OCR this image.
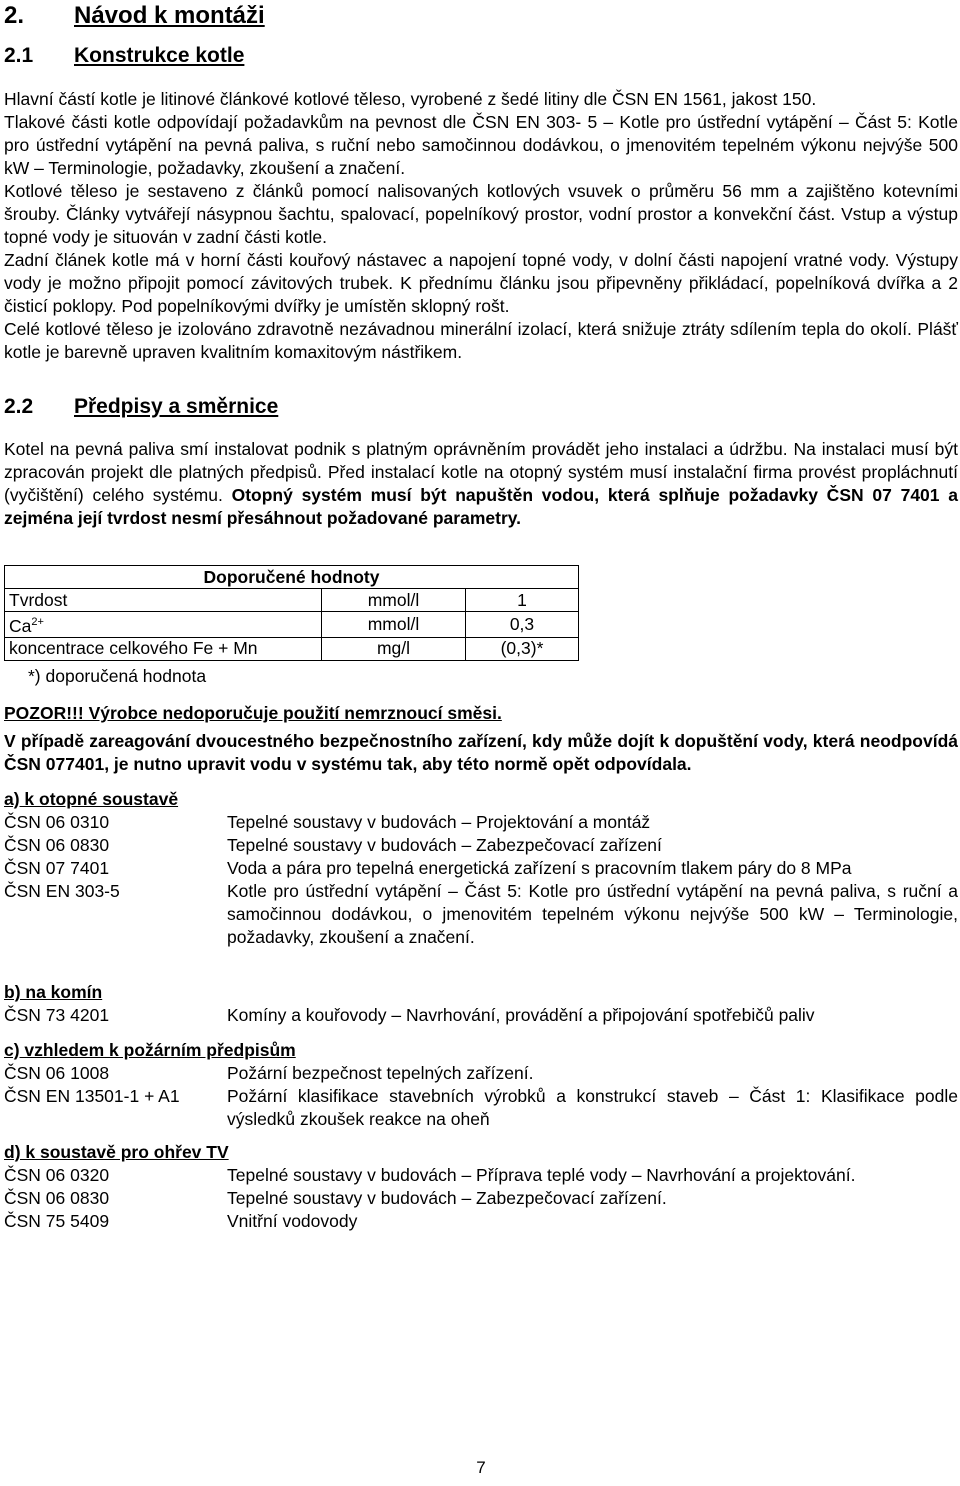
2. Návod k montáži
2.1 Konstrukce kotle

Hlavní částí kotle je litinové článkové kotlové těleso, vyrobené z šedé litiny dle ČSN EN 1561, jakost 150.

Tlakové části kotle odpovídají požadavkům na pevnost dle ČSN EN 303- 5 – Kotle pro ústřední vytápění – Část 5: Kotle pro ústřední vytápění na pevná paliva, s ruční nebo samočinnou dodávkou, o jmenovitém tepelném výkonu nejvýše 500 kW – Terminologie, požadavky, zkoušení a značení.

Kotlové těleso je sestaveno z článků pomocí nalisovaných kotlových vsuvek o průměru 56 mm a zajištěno kotevními šrouby. Články vytvářejí násypnou šachtu, spalovací, popelníkový prostor, vodní prostor a konvekční část. Vstup a výstup topné vody je situován v zadní části kotle.

Zadní článek kotle má v horní části kouřový nástavec a napojení topné vody, v dolní části napojení vratné vody. Výstupy vody je možno připojit pomocí závitových trubek. K přednímu článku jsou připevněny přikládací, popelníková dvířka a 2 čisticí poklopy. Pod popelníkovými dvířky je umístěn sklopný rošt.

Celé kotlové těleso je izolováno zdravotně nezávadnou minerální izolací, která snižuje ztráty sdílením tepla do okolí. Plášť kotle je barevně upraven kvalitním komaxitovým nástřikem.

2.2 Předpisy a směrnice

Kotel na pevná paliva smí instalovat podnik s platným oprávněním provádět jeho instalaci a údržbu. Na instalaci musí být zpracován projekt dle platných předpisů. Před instalací kotle na otopný systém musí instalační firma provést propláchnutí (vyčištění) celého systému. Otopný systém musí být napuštěn vodou, která splňuje požadavky ČSN 07 7401 a zejména její tvrdost nesmí přesáhnout požadované parametry.

Doporučené hodnoty		
Tvrdost	mmol/l	1
$Ca^{2+}$	mmol/l	0,3
koncentrace celkového Fe + Mn	mg/l	(0,3)*
*) doporučená hodnota
POZOR!!! Výrobce nedoporučuje použití nemrznoucí směsi.

V případě zareagování dvoucestného bezpečnostního zařízení, kdy může dojít k dopuštění vody, která neodpovídá ČSN 077401, je nutno upravit vodu v systému tak, aby této normě opět odpovídala.

a) k otopné soustavě
ČSN 06 0310	Tepelné soustavy v budovách – Projektování a montáž
ČSN 06 0830	Tepelné soustavy v budovách – Zabezpečovací zařízení
ČSN 07 7401	Voda a pára pro tepelná energetická zařízení s pracovním tlakem páry do 8 MPa
ČSN EN 303-5	Kotle pro ústřední vytápění – Část 5: Kotle pro ústřední vytápění na pevná paliva, s ruční a samočinnou dodávkou, o jmenovitém tepelném výkonu nejvýše 500 kW – Terminologie, požadavky, zkoušení a značení.
b) na komín
ČSN 73 4201	Komíny a kouřovody – Navrhování, provádění a připojování spotřebičů paliv
c) vzhledem k požárním předpisům
ČSN 06 1008	Požární bezpečnost tepelných zařízení.
ČSN EN 13501-1 + A1	Požární klasifikace stavebních výrobků a konstrukcí staveb – Část 1: Klasifikace podle výsledků zkoušek reakce na oheň
d) k soustavě pro ohřev TV
ČSN 06 0320	Tepelné soustavy v budovách – Příprava teplé vody – Navrhování a projektování.
ČSN 06 0830	Tepelné soustavy v budovách – Zabezpečovací zařízení.
ČSN 75 5409	Vnitřní vodovody
7
